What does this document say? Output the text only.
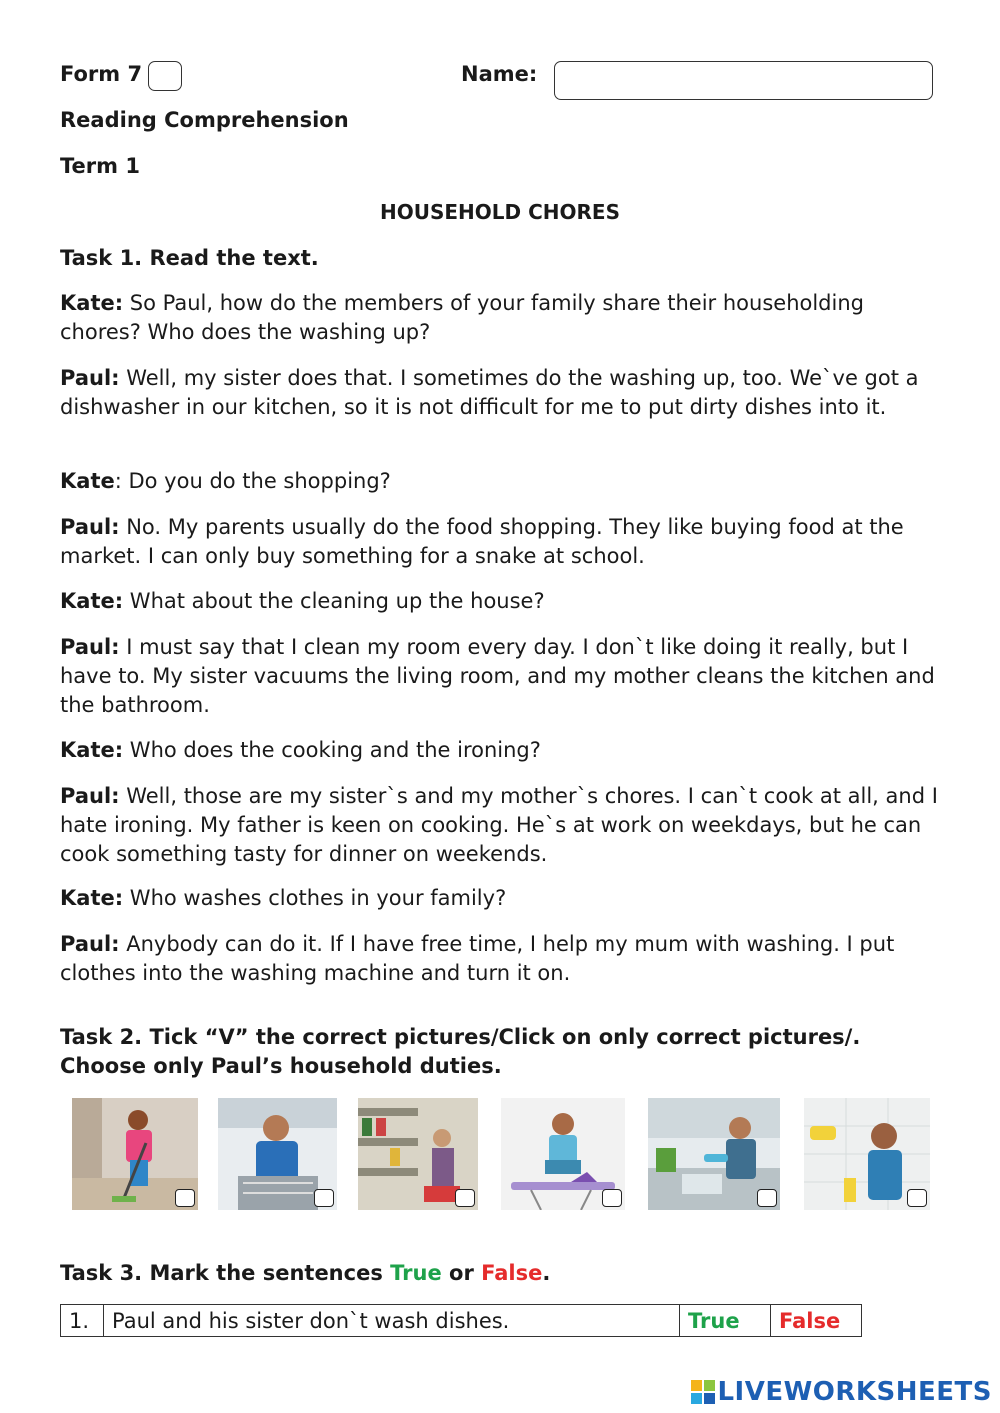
Form 7	Name:
Reading Comprehension
Term 1
HOUSEHOLD CHORES

Task 1. Read the text.

Kate: So Paul, how do the members of your family share their householding chores? Who does the washing up?

Paul: Well, my sister does that. I sometimes do the washing up, too. We`ve got a dishwasher in our kitchen, so it is not difficult for me to put dirty dishes into it.

Kate: Do you do the shopping?

Paul: No. My parents usually do the food shopping. They like buying food at the market. I can only buy something for a snake at school.

Kate: What about the cleaning up the house?

Paul: I must say that I clean my room every day. I don`t like doing it really, but I have to. My sister vacuums the living room, and my mother cleans the kitchen and the bathroom.

Kate: Who does the cooking and the ironing?

Paul: Well, those are my sister`s and my mother`s chores. I can`t cook at all, and I hate ironing. My father is keen on cooking. He`s at work on weekdays, but he can cook something tasty for dinner on weekends.

Kate: Who washes clothes in your family?

Paul: Anybody can do it. If I have free time, I help my mum with washing. I put clothes into the washing machine and turn it on.

Task 2. Tick “V” the correct pictures/Click on only correct pictures/. Choose only Paul’s household duties.

Task 3. Mark the sentences True or False.

1.	Paul and his sister don`t wash dishes.	True	False
LIVEWORKSHEETS
